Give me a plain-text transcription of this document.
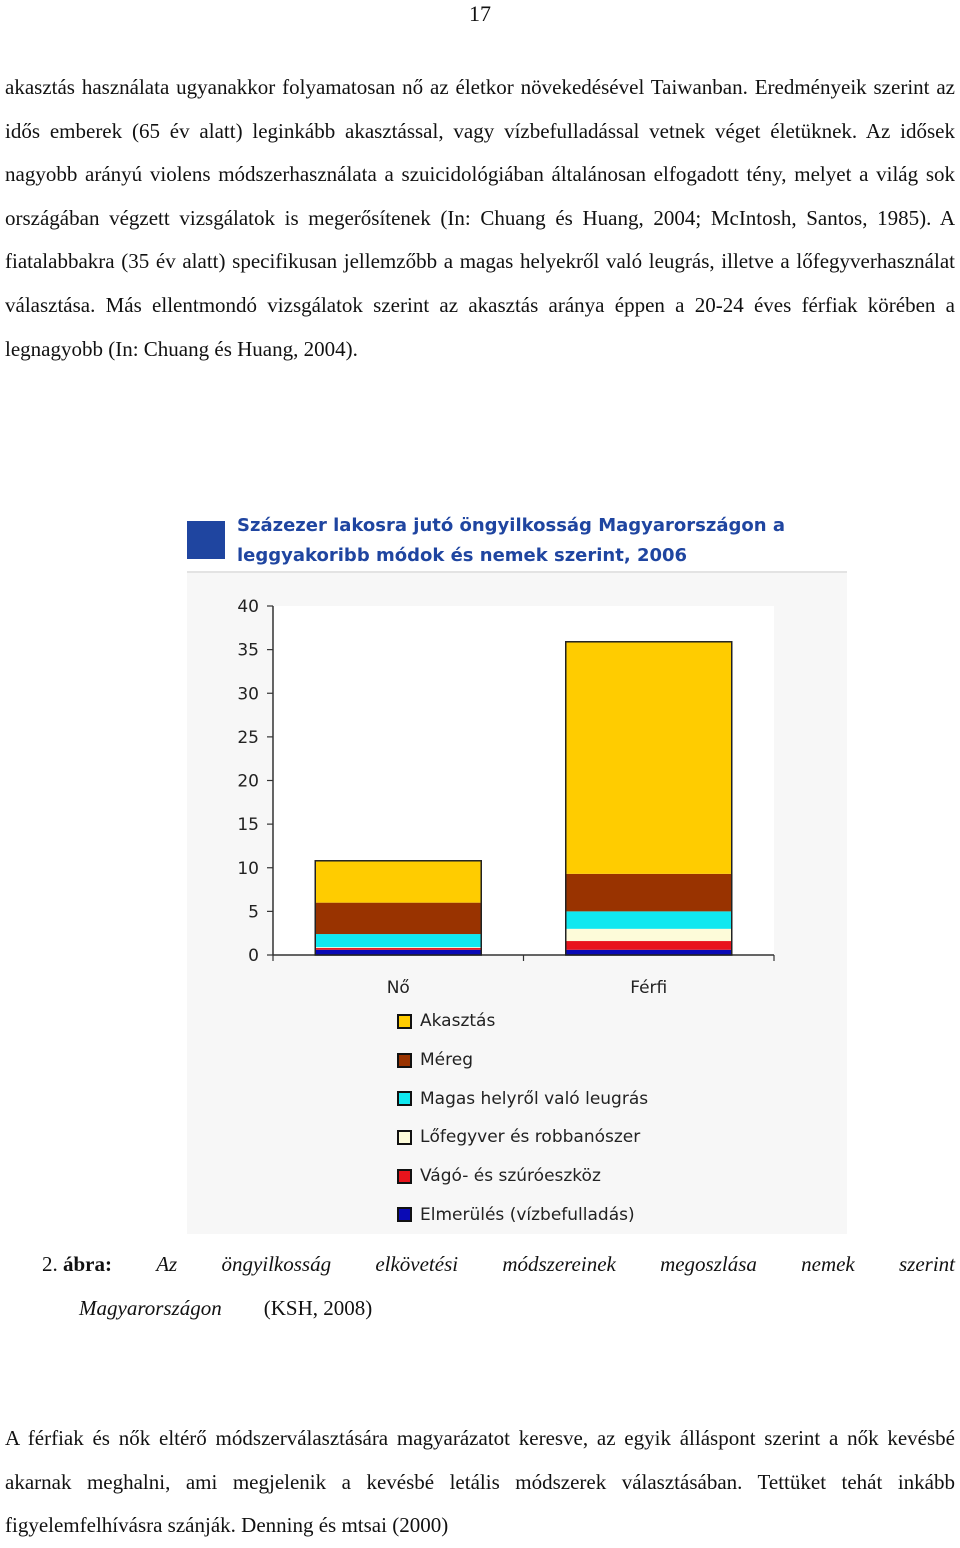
17

akasztás használata ugyanakkor folyamatosan nő az életkor növekedésével Taiwanban. Eredményeik szerint az idős emberek (65 év alatt) leginkább akasztással, vagy vízbefulladással vetnek véget életüknek. Az idősek nagyobb arányú violens módszerhasználata a szuicidológiában általánosan elfogadott tény, melyet a világ sok országában végzett vizsgálatok is megerősítenek (In: Chuang és Huang, 2004; McIntosh, Santos, 1985). A fiatalabbakra (35 év alatt) specifikusan jellemzőbb a magas helyekről való leugrás, illetve a lőfegyverhasználat választása. Más ellentmondó vizsgálatok szerint az akasztás aránya éppen a 20-24 éves férfiak körében a legnagyobb (In: Chuang és Huang, 2004).

Százezer lakosra jutó öngyilkosság Magyarországon a
leggyakoribb módok és nemek szerint, 2006
0
5
10
15
20
25
30
35
40
Nő	Férfi
Akasztás
Méreg
Magas helyről való leugrás
Lőfegyver és robbanószer
Vágó- és szúróeszköz
Elmerülés (vízbefulladás)
2. ábra: Az öngyilkosság elkövetési módszereinek megoszlása nemek szerint
Magyarországon (KSH, 2008)

A férfiak és nők eltérő módszerválasztására magyarázatot keresve, az egyik álláspont szerint a nők kevésbé akarnak meghalni, ami megjelenik a kevésbé letális módszerek választásában. Tettüket tehát inkább figyelemfelhívásra szánják. Denning és mtsai (2000)
